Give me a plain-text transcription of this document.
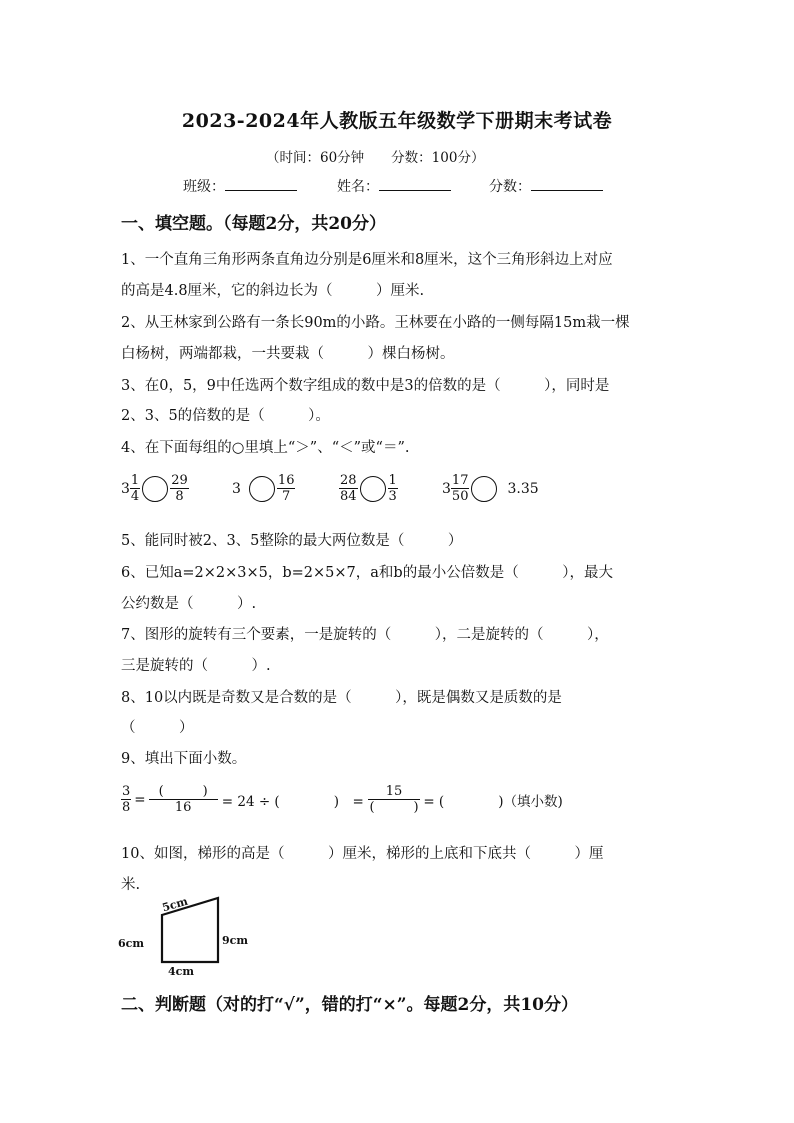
2023-2024年人教版五年级数学下册期末考试卷
（时间：60分钟　　分数：100分）
班级：	姓名：	分数：
一、填空题。（每题2分，共20分）
1、一个直角三角形两条直角边分别是6厘米和8厘米，这个三角形斜边上对应
的高是4.8厘米，它的斜边长为（　　　）厘米.
2、从王林家到公路有一条长90m的小路。王林要在小路的一侧每隔15m栽一棵
白杨树，两端都栽，一共要栽（　　　）棵白杨树。
3、在0，5，9中任选两个数字组成的数中是3的倍数的是（　　　），同时是
2、3、5的倍数的是（　　　）。
4、在下面每组的○里填上“＞”、“＜”或“＝”.
$3 \frac{1}{4} \frac{29}{8}$	3	$\frac{16}{7}$	$\frac{28}{84} \frac{1}{3}$	$3 \frac{17}{50}$	3.35
5、能同时被2、3、5整除的最大两位数是（　　　）
6、已知a=2×2×3×5，b=2×5×7，a和b的最小公倍数是（　　　），最大
公约数是（　　　）.
7、图形的旋转有三个要素，一是旋转的（　　　），二是旋转的（　　　），
三是旋转的（　　　）.
8、10以内既是奇数又是合数的是（　　　），既是偶数又是质数的是
（　　　）
9、填出下面小数。
$\frac{3}{8} = \frac{( )}{16} = 24$ ÷ (　　　　)　= $\frac{15}{( )}$ = (　　　　)（填小数)
10、如图，梯形的高是（　　　）厘米，梯形的上底和下底共（　　　）厘
米.
5cm
6cm	9cm
4cm
二、判断题（对的打“√”，错的打“×”。每题2分，共10分）
